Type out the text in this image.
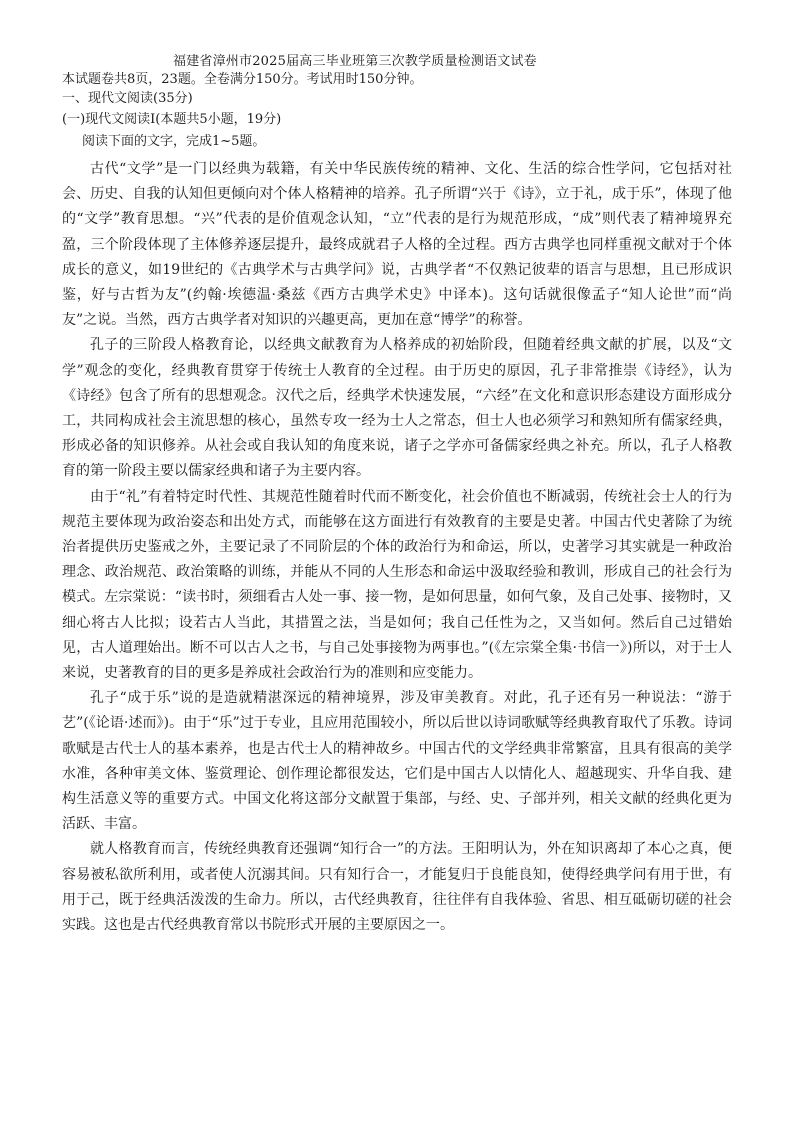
福建省漳州市2025届高三毕业班第三次教学质量检测语文试卷
本试题卷共8页，23题。全卷满分150分。考试用时150分钟。
一、现代文阅读(35分)
(一)现代文阅读Ⅰ(本题共5小题，19分)
阅读下面的文字，完成1~5题。

古代“文学”是一门以经典为载籍，有关中华民族传统的精神、文化、生活的综合性学问，它包括对社会、历史、自我的认知但更倾向对个体人格精神的培养。孔子所谓“兴于《诗》，立于礼，成于乐”，体现了他的“文学”教育思想。“兴”代表的是价值观念认知，“立”代表的是行为规范形成，“成”则代表了精神境界充盈，三个阶段体现了主体修养逐层提升，最终成就君子人格的全过程。西方古典学也同样重视文献对于个体成长的意义，如19世纪的《古典学术与古典学问》说，古典学者“不仅熟记彼辈的语言与思想，且已形成识鉴，好与古哲为友”(约翰·埃德温·桑兹《西方古典学术史》中译本)。这句话就很像孟子“知人论世”而“尚友”之说。当然，西方古典学者对知识的兴趣更高，更加在意“博学”的称誉。

孔子的三阶段人格教育论，以经典文献教育为人格养成的初始阶段，但随着经典文献的扩展，以及“文学”观念的变化，经典教育贯穿于传统士人教育的全过程。由于历史的原因，孔子非常推崇《诗经》，认为《诗经》包含了所有的思想观念。汉代之后，经典学术快速发展，“六经”在文化和意识形态建设方面形成分工，共同构成社会主流思想的核心，虽然专攻一经为士人之常态，但士人也必须学习和熟知所有儒家经典，形成必备的知识修养。从社会或自我认知的角度来说，诸子之学亦可备儒家经典之补充。所以，孔子人格教育的第一阶段主要以儒家经典和诸子为主要内容。

由于“礼”有着特定时代性、其规范性随着时代而不断变化，社会价值也不断减弱，传统社会士人的行为规范主要体现为政治姿态和出处方式，而能够在这方面进行有效教育的主要是史著。中国古代史著除了为统治者提供历史鉴戒之外，主要记录了不同阶层的个体的政治行为和命运，所以，史著学习其实就是一种政治理念、政治规范、政治策略的训练，并能从不同的人生形态和命运中汲取经验和教训，形成自己的社会行为模式。左宗棠说：“读书时，须细看古人处一事、接一物，是如何思量，如何气象，及自己处事、接物时，又细心将古人比拟；设若古人当此，其措置之法，当是如何；我自己任性为之，又当如何。然后自己过错始见，古人道理始出。断不可以古人之书，与自己处事接物为两事也。”(《左宗棠全集·书信一》)所以，对于士人来说，史著教育的目的更多是养成社会政治行为的准则和应变能力。

孔子“成于乐”说的是造就精湛深远的精神境界，涉及审美教育。对此，孔子还有另一种说法：“游于艺”(《论语·述而》)。由于“乐”过于专业，且应用范围较小，所以后世以诗词歌赋等经典教育取代了乐教。诗词歌赋是古代士人的基本素养，也是古代士人的精神故乡。中国古代的文学经典非常繁富，且具有很高的美学水准，各种审美文体、鉴赏理论、创作理论都很发达，它们是中国古人以情化人、超越现实、升华自我、建构生活意义等的重要方式。中国文化将这部分文献置于集部，与经、史、子部并列，相关文献的经典化更为活跃、丰富。

就人格教育而言，传统经典教育还强调“知行合一”的方法。王阳明认为，外在知识离却了本心之真，便容易被私欲所利用，或者使人沉溺其间。只有知行合一，才能复归于良能良知，使得经典学问有用于世，有用于己，既于经典活泼泼的生命力。所以，古代经典教育，往往伴有自我体验、省思、相互砥砺切磋的社会实践。这也是古代经典教育常以书院形式开展的主要原因之一。
